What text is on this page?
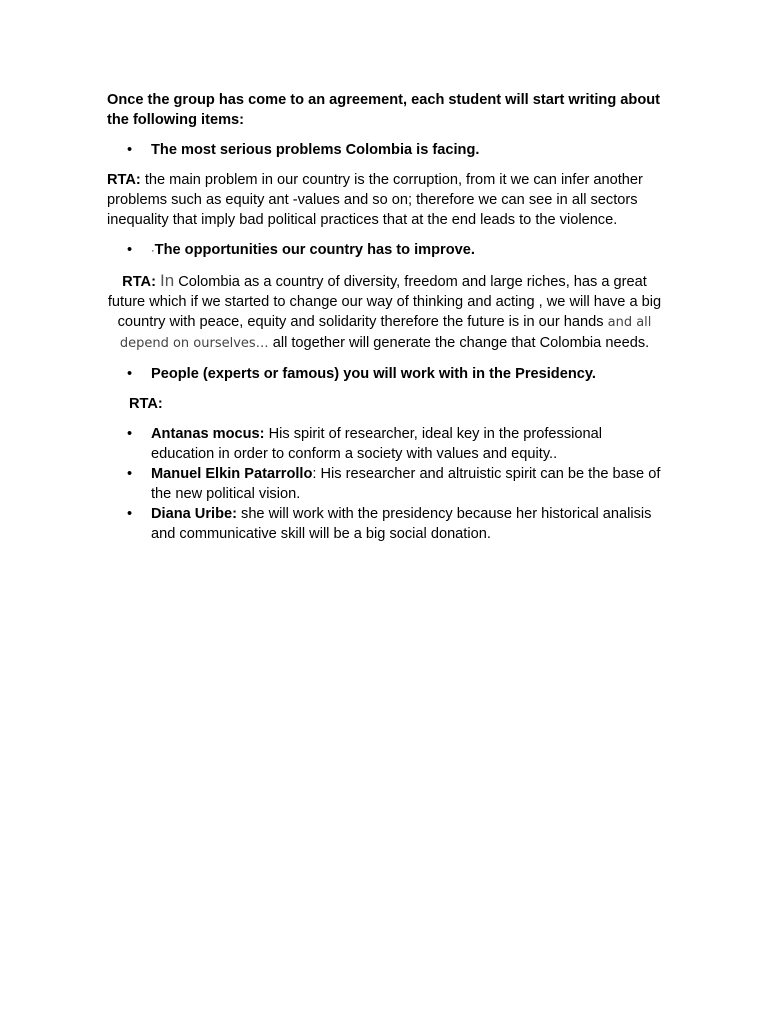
Once the group has come to an agreement, each student will start writing about the following items:

• The most serious problems Colombia is facing.

RTA: the main problem in our country is the corruption, from it we can infer another problems such as equity ant -values and so on; therefore we can see in all sectors inequality that imply bad political practices that at the end leads to the violence.

• ·The opportunities our country has to improve.

RTA: In Colombia as a country of diversity, freedom and large riches, has a great future which if we started to change our way of thinking and acting , we will have a big country with peace, equity and solidarity therefore the future is in our hands and all depend on ourselves… all together will generate the change that Colombia needs.

• People (experts or famous) you will work with in the Presidency.

RTA:

• Antanas mocus: His spirit of researcher, ideal key in the professional education in order to conform a society with values and equity..
• Manuel Elkin Patarrollo: His researcher and altruistic spirit can be the base of the new political vision.
• Diana Uribe: she will work with the presidency because her historical analisis and communicative skill will be a big social donation.
